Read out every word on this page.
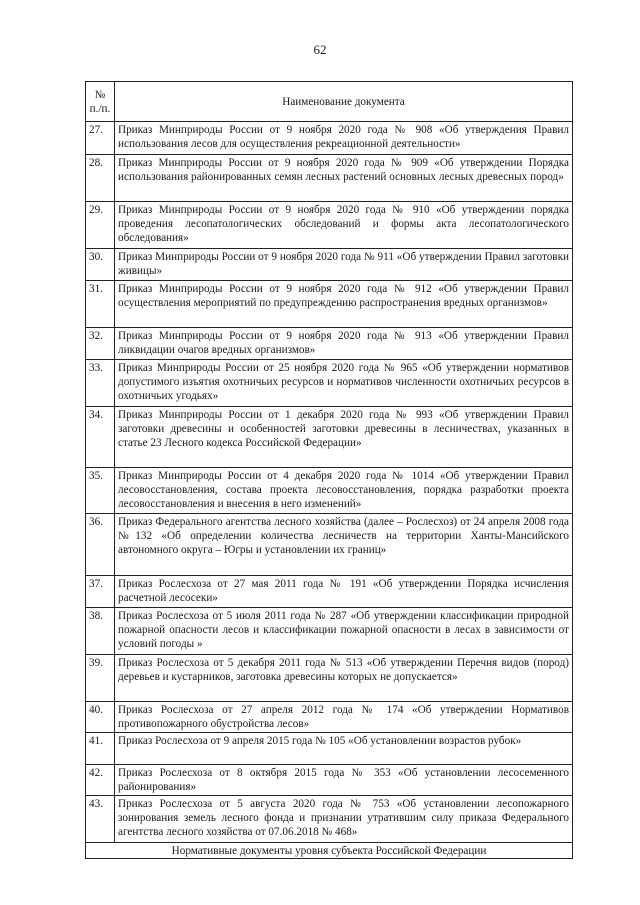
62
№ п./п.	Наименование документа
27.	Приказ Минприроды России от 9 ноября 2020 года № 908 «Об утверждения Правил использования лесов для осуществления рекреационной деятельности»
28.	Приказ Минприроды России от 9 ноября 2020 года № 909 «Об утверждении Порядка использования районированных семян лесных растений основных лесных древесных пород»
29.	Приказ Минприроды России от 9 ноября 2020 года № 910 «Об утверждении порядка проведения лесопатологических обследований и формы акта лесопатологического обследования»
30.	Приказ Минприроды России от 9 ноября 2020 года № 911 «Об утверждении Правил заготовки живицы»
31.	Приказ Минприроды России от 9 ноября 2020 года № 912 «Об утверждении Правил осуществления мероприятий по предупреждению распространения вредных организмов»
32.	Приказ Минприроды России от 9 ноября 2020 года № 913 «Об утверждении Правил ликвидации очагов вредных организмов»
33.	Приказ Минприроды России от 25 ноября 2020 года № 965 «Об утверждении нормативов допустимого изъятия охотничьих ресурсов и нормативов численности охотничьих ресурсов в охотничьих угодьях»
34.	Приказ Минприроды России от 1 декабря 2020 года № 993 «Об утверждении Правил заготовки древесины и особенностей заготовки древесины в лесничествах, указанных в статье 23 Лесного кодекса Российской Федерации»
35.	Приказ Минприроды России от 4 декабря 2020 года № 1014 «Об утверждении Правил лесовосстановления, состава проекта лесовосстановления, порядка разработки проекта лесовосстановления и внесения в него изменений»
36.	Приказ Федерального агентства лесного хозяйства (далее – Рослесхоз) от 24 апреля 2008 года №132 «Об определении количества лесничеств на территории Ханты-Мансийского автономного округа – Югры и установлении их границ»
37.	Приказ Рослесхоза от 27 мая 2011 года № 191 «Об утверждении Порядка исчисления расчетной лесосеки»
38.	Приказ Рослесхоза от 5 июля 2011 года № 287 «Об утверждении классификации природной пожарной опасности лесов и классификации пожарной опасности в лесах в зависимости от условий погоды »
39.	Приказ Рослесхоза от 5 декабря 2011 года № 513 «Об утверждении Перечня видов (пород) деревьев и кустарников, заготовка древесины которых не допускается»
40.	Приказ Рослесхоза от 27 апреля 2012 года № 174 «Об утверждении Нормативов противопожарного обустройства лесов»
41.	Приказ Рослесхоза от 9 апреля 2015 года № 105 «Об установлении возрастов рубок»
42.	Приказ Рослесхоза от 8 октября 2015 года № 353 «Об установлении лесосеменного районирования»
43.	Приказ Рослесхоза от 5 августа 2020 года № 753 «Об установлении лесопожарного зонирования земель лесного фонда и признании утратившим силу приказа Федерального агентства лесного хозяйства от 07.06.2018 № 468»
Нормативные документы уровня субъекта Российской Федерации	
